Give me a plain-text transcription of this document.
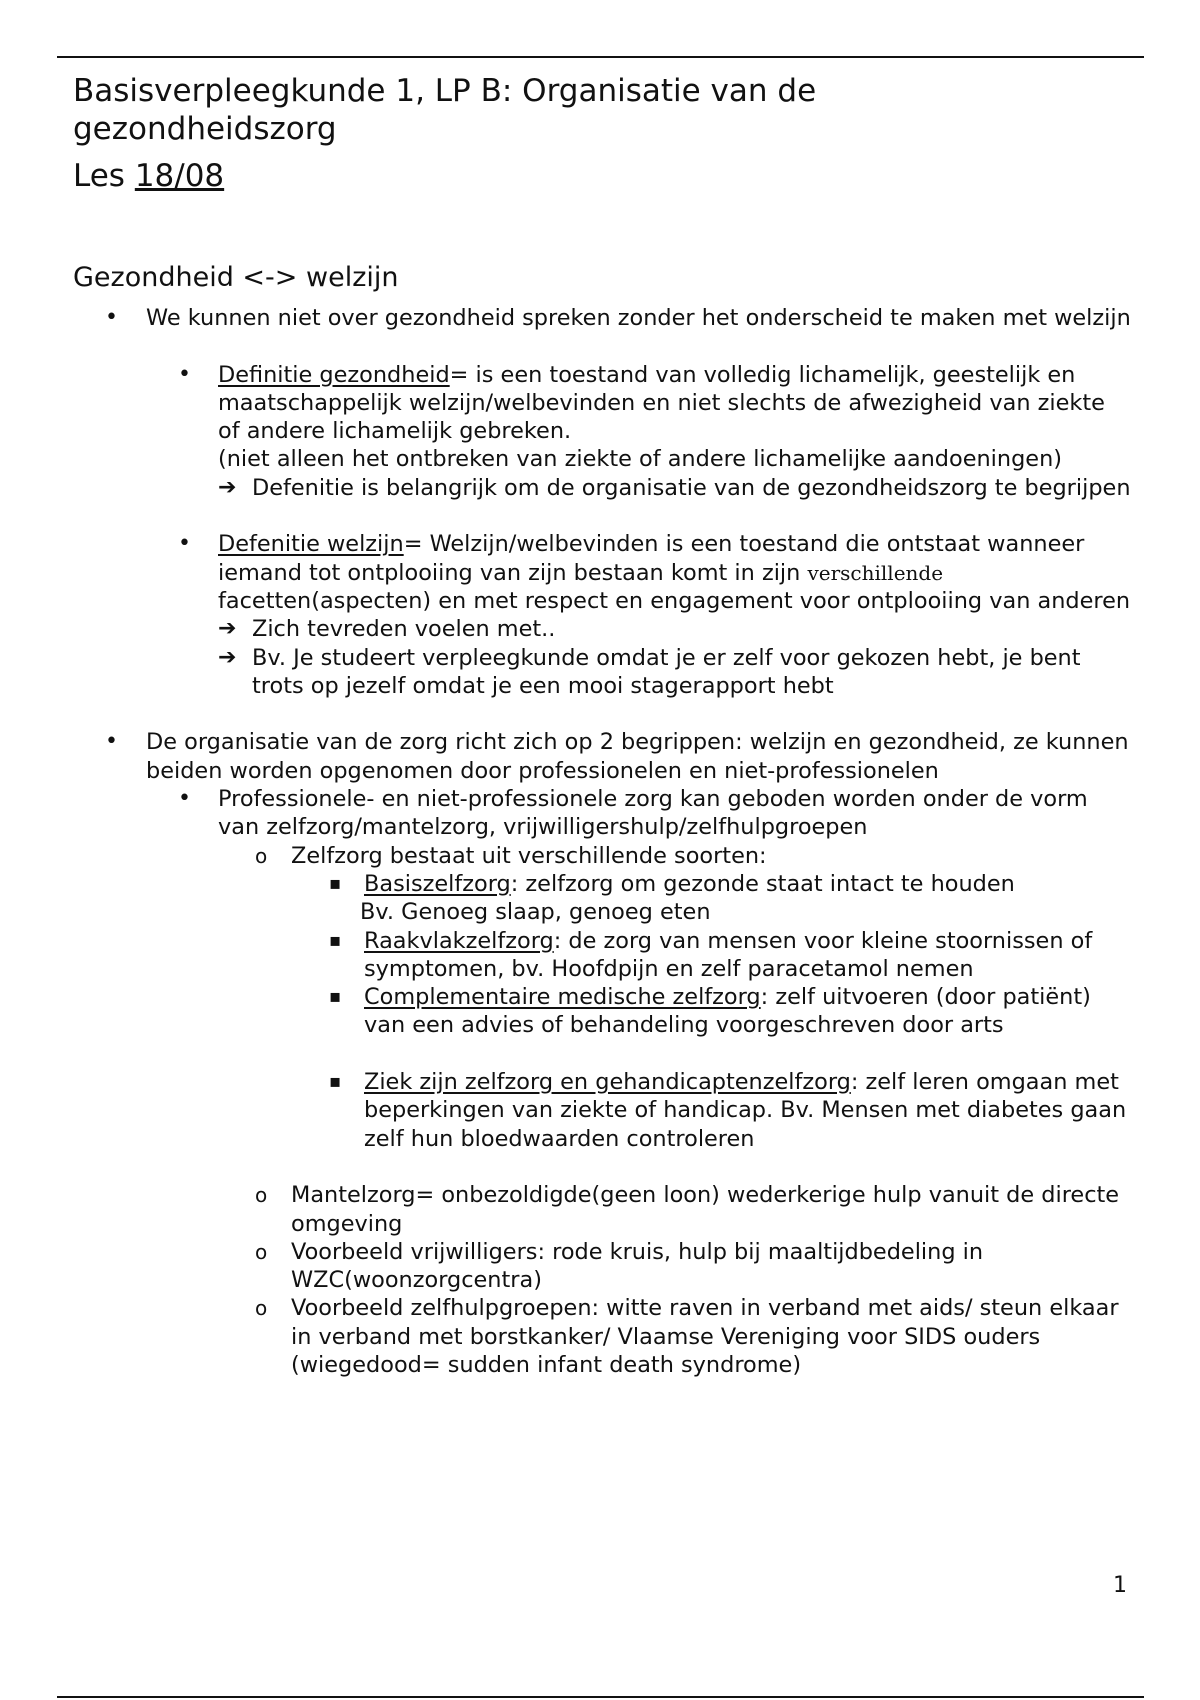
Basisverpleegkunde 1, LP B: Organisatie van de gezondheidszorg

Les 18/08

Gezondheid <-> welzijn
• We kunnen niet over gezondheid spreken zonder het onderscheid te maken met welzijn

• Definitie gezondheid= is een toestand van volledig lichamelijk, geestelijk en maatschappelijk welzijn/welbevinden en niet slechts de afwezigheid van ziekte of andere lichamelijk gebreken.

(niet alleen het ontbreken van ziekte of andere lichamelijke aandoeningen)

➔ Defenitie is belangrijk om de organisatie van de gezondheidszorg te begrijpen

• Defenitie welzijn= Welzijn/welbevinden is een toestand die ontstaat wanneer iemand tot ontplooiing van zijn bestaan komt in zijn verschillende facetten(aspecten) en met respect en engagement voor ontplooiing van anderen

➔ Zich tevreden voelen met..

➔ Bv. Je studeert verpleegkunde omdat je er zelf voor gekozen hebt, je bent trots op jezelf omdat je een mooi stagerapport hebt

• De organisatie van de zorg richt zich op 2 begrippen: welzijn en gezondheid, ze kunnen beiden worden opgenomen door professionelen en niet-professionelen

• Professionele- en niet-professionele zorg kan geboden worden onder de vorm van zelfzorg/mantelzorg, vrijwilligershulp/zelfhulpgroepen

o Zelfzorg bestaat uit verschillende soorten:

▪ Basiszelfzorg: zelfzorg om gezonde staat intact te houden

Bv. Genoeg slaap, genoeg eten

▪ Raakvlakzelfzorg: de zorg van mensen voor kleine stoornissen of symptomen, bv. Hoofdpijn en zelf paracetamol nemen

▪ Complementaire medische zelfzorg: zelf uitvoeren (door patiënt) van een advies of behandeling voorgeschreven door arts

▪ Ziek zijn zelfzorg en gehandicaptenzelfzorg: zelf leren omgaan met beperkingen van ziekte of handicap. Bv. Mensen met diabetes gaan zelf hun bloedwaarden controleren

o Mantelzorg= onbezoldigde(geen loon) wederkerige hulp vanuit de directe omgeving

o Voorbeeld vrijwilligers: rode kruis, hulp bij maaltijdbedeling in WZC(woonzorgcentra)

o Voorbeeld zelfhulpgroepen: witte raven in verband met aids/ steun elkaar in verband met borstkanker/ Vlaamse Vereniging voor SIDS ouders (wiegedood= sudden infant death syndrome)

1
